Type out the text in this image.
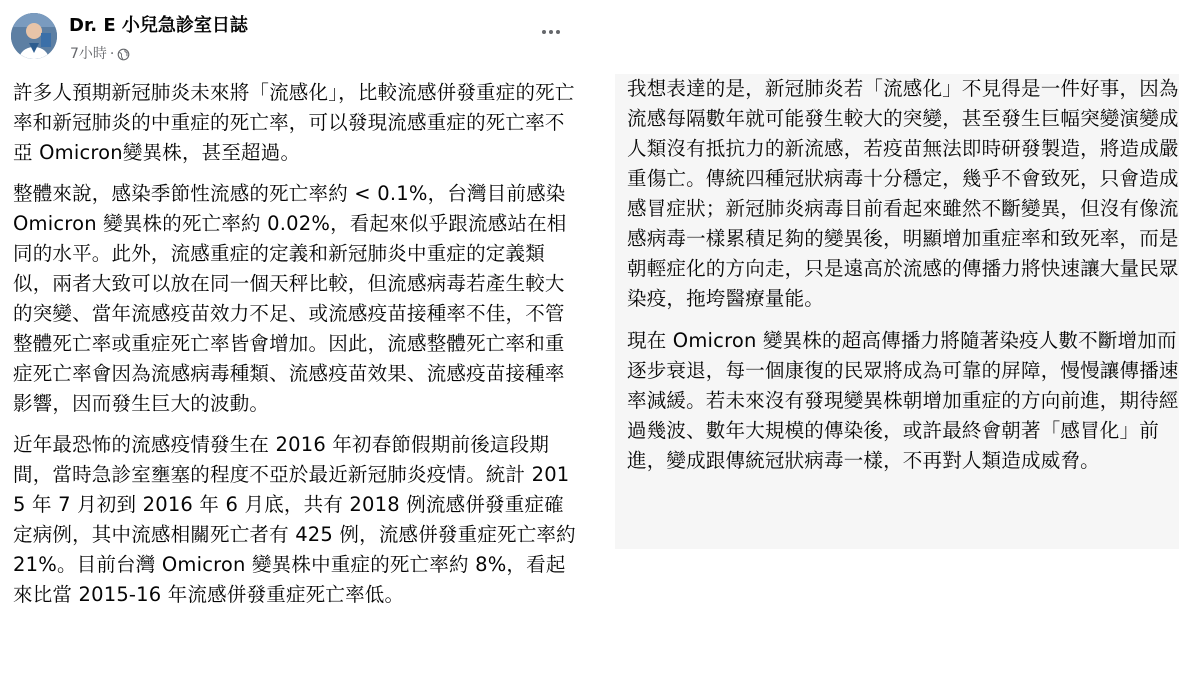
Dr. E 小兒急診室日誌
7小時 ·

許多人預期新冠肺炎未來將「流感化」，比較流感併發重症的死亡率和新冠肺炎的中重症的死亡率，可以發現流感重症的死亡率不亞 Omicron變異株，甚至超過。

整體來說，感染季節性流感的死亡率約 < 0.1%，台灣目前感染 Omicron 變異株的死亡率約 0.02%，看起來似乎跟流感站在相同的水平。此外，流感重症的定義和新冠肺炎中重症的定義類似，兩者大致可以放在同一個天秤比較，但流感病毒若產生較大的突變、當年流感疫苗效力不足、或流感疫苗接種率不佳，不管整體死亡率或重症死亡率皆會增加。因此，流感整體死亡率和重症死亡率會因為流感病毒種類、流感疫苗效果、流感疫苗接種率影響，因而發生巨大的波動。

近年最恐怖的流感疫情發生在 2016 年初春節假期前後這段期間，當時急診室壅塞的程度不亞於最近新冠肺炎疫情。統計 2015 年 7 月初到 2016 年 6 月底，共有 2018 例流感併發重症確定病例，其中流感相關死亡者有 425 例，流感併發重症死亡率約 21%。目前台灣 Omicron 變異株中重症的死亡率約 8%，看起來比當 2015-16 年流感併發重症死亡率低。

我想表達的是，新冠肺炎若「流感化」不見得是一件好事，因為流感每隔數年就可能發生較大的突變，甚至發生巨幅突變演變成人類沒有抵抗力的新流感，若疫苗無法即時研發製造，將造成嚴重傷亡。傳統四種冠狀病毒十分穩定，幾乎不會致死，只會造成感冒症狀；新冠肺炎病毒目前看起來雖然不斷變異，但沒有像流感病毒一樣累積足夠的變異後，明顯增加重症率和致死率，而是朝輕症化的方向走，只是遠高於流感的傳播力將快速讓大量民眾染疫，拖垮醫療量能。

現在 Omicron 變異株的超高傳播力將隨著染疫人數不斷增加而逐步衰退，每一個康復的民眾將成為可靠的屏障，慢慢讓傳播速率減緩。若未來沒有發現變異株朝增加重症的方向前進，期待經過幾波、數年大規模的傳染後，或許最終會朝著「感冒化」前進，變成跟傳統冠狀病毒一樣，不再對人類造成威脅。
